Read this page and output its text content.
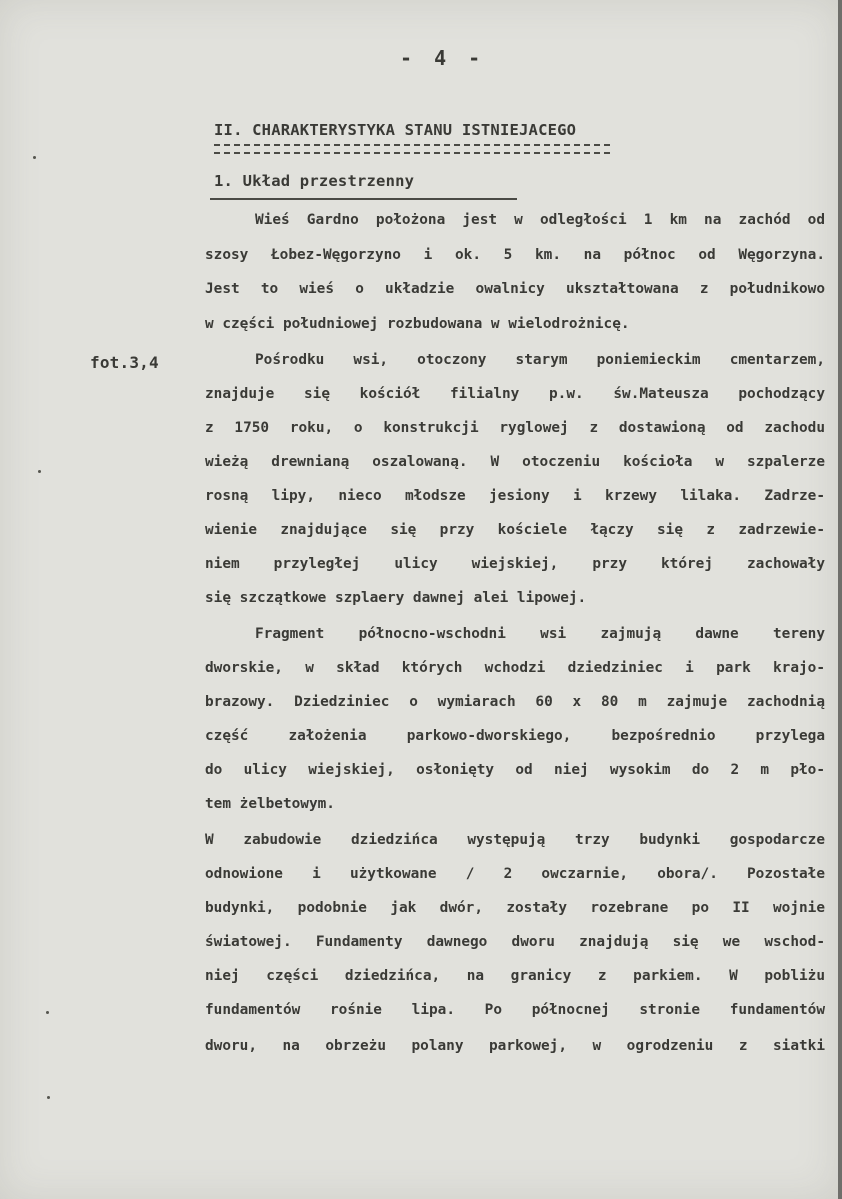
- 4 -
II. CHARAKTERYSTYKA STANU ISTNIEJACEGO
1. Układ przestrzenny
fot.3,4
Wieś Gardno położona jest w odległości 1 km na zachód od
szosy Łobez-Węgorzyno i ok. 5 km. na północ od Węgorzyna.
Jest to wieś o układzie owalnicy ukształtowana z południkowo
w części południowej rozbudowana w wielodrożnicę.
Pośrodku wsi, otoczony starym poniemieckim cmentarzem,
znajduje się kościół filialny p.w. św.Mateusza pochodzący
z 1750 roku, o konstrukcji ryglowej z dostawioną od zachodu
wieżą drewnianą oszalowaną. W otoczeniu kościoła w szpalerze
rosną lipy, nieco młodsze jesiony i krzewy lilaka. Zadrze-
wienie znajdujące się przy kościele łączy się z zadrzewie-
niem przyległej ulicy wiejskiej, przy której zachowały
się szczątkowe szplaery dawnej alei lipowej.
Fragment północno-wschodni wsi zajmują dawne tereny
dworskie, w skład których wchodzi dziedziniec i park krajo-
brazowy. Dziedziniec o wymiarach 60 x 80 m zajmuje zachodnią
część założenia parkowo-dworskiego, bezpośrednio przylega
do ulicy wiejskiej, osłonięty od niej wysokim do 2 m pło-
tem żelbetowym.
W zabudowie dziedzińca występują trzy budynki gospodarcze
odnowione i użytkowane / 2 owczarnie, obora/. Pozostałe
budynki, podobnie jak dwór, zostały rozebrane po II wojnie
światowej. Fundamenty dawnego dworu znajdują się we wschod-
niej części dziedzińca, na granicy z parkiem. W pobliżu
fundamentów rośnie lipa. Po północnej stronie fundamentów
dworu, na obrzeżu polany parkowej, w ogrodzeniu z siatki
